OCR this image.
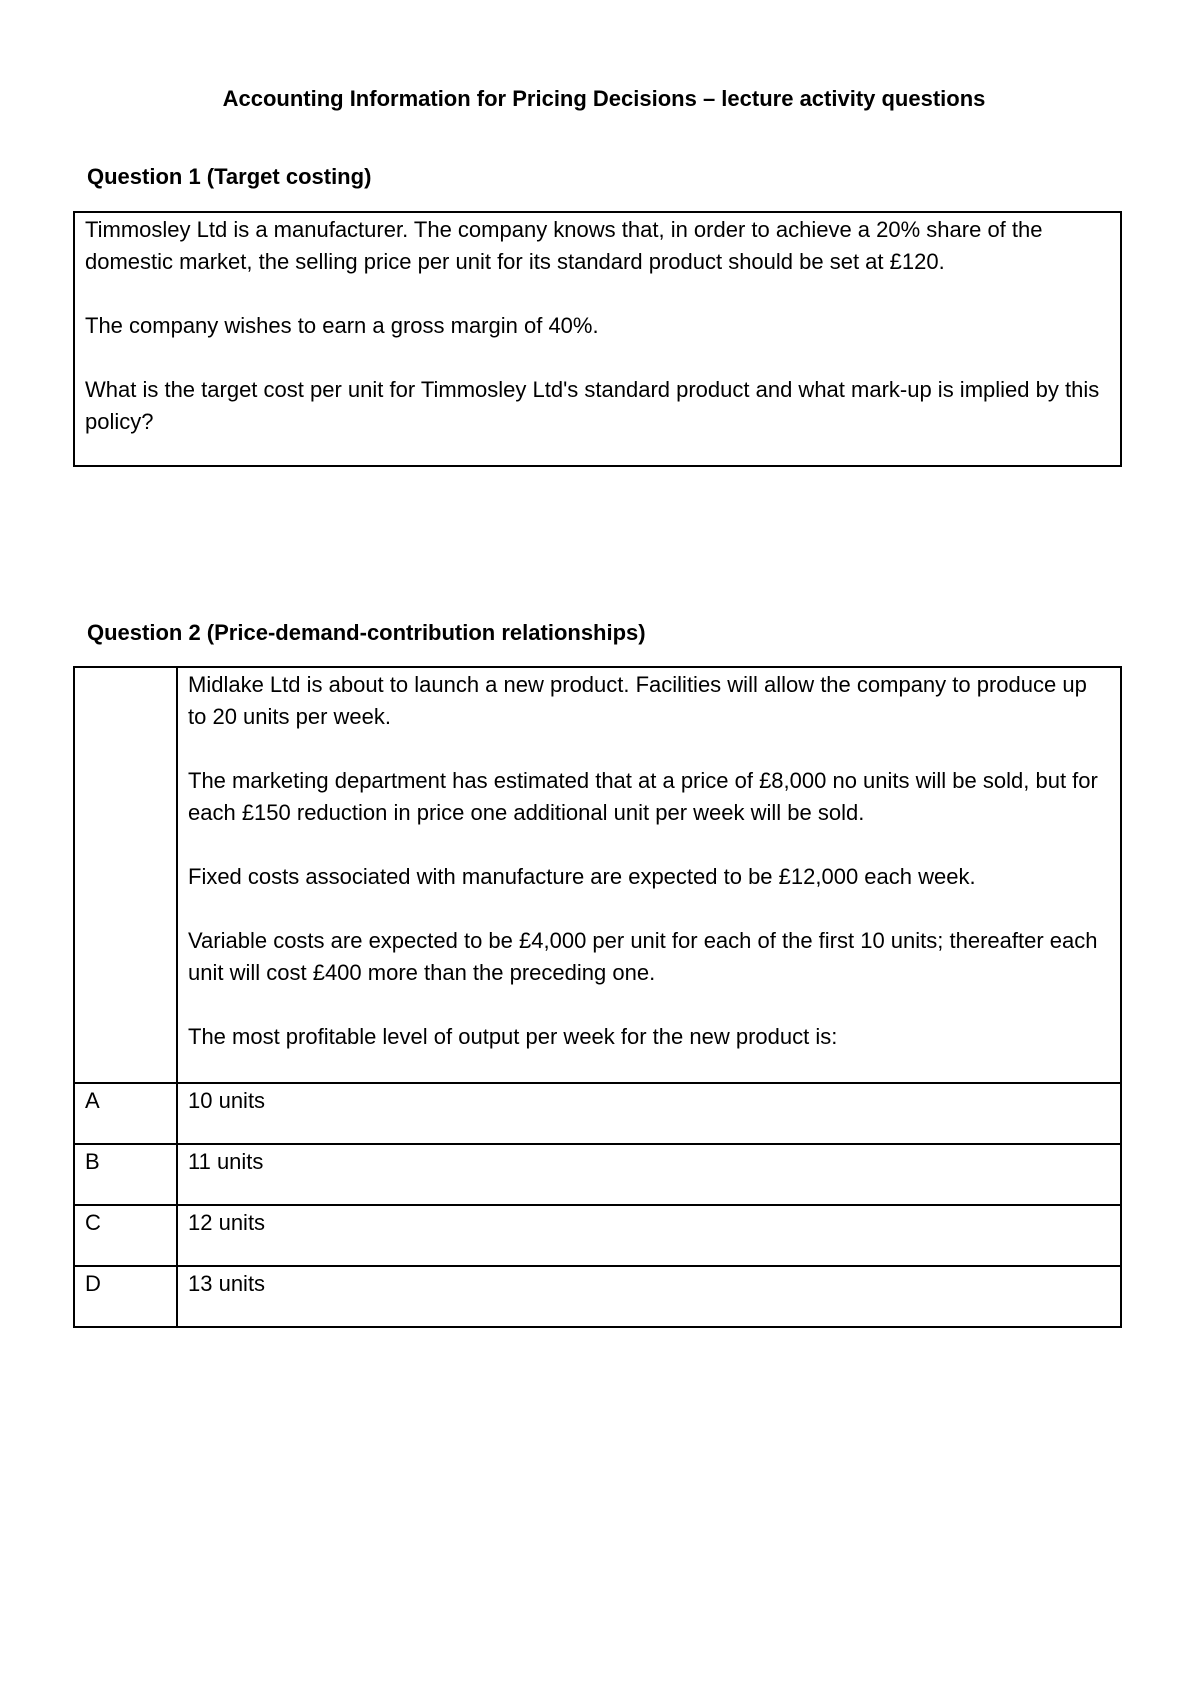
Accounting Information for Pricing Decisions – lecture activity questions
Question 1 (Target costing)

Timmosley Ltd is a manufacturer. The company knows that, in order to achieve a 20% share of the domestic market, the selling price per unit for its standard product should be set at £120.

The company wishes to earn a gross margin of 40%.

What is the target cost per unit for Timmosley Ltd's standard product and what mark-up is implied by this policy?

Question 2 (Price-demand-contribution relationships)

	Midlake Ltd is about to launch a new product. Facilities will allow the company to produce up to 20 units per week.

The marketing department has estimated that at a price of £8,000 no units will be sold, but for each £150 reduction in price one additional unit per week will be sold.

Fixed costs associated with manufacture are expected to be £12,000 each week.

Variable costs are expected to be £4,000 per unit for each of the first 10 units; thereafter each unit will cost £400 more than the preceding one.

The most profitable level of output per week for the new product is:

A	10 units
B	11 units
C	12 units
D	13 units
